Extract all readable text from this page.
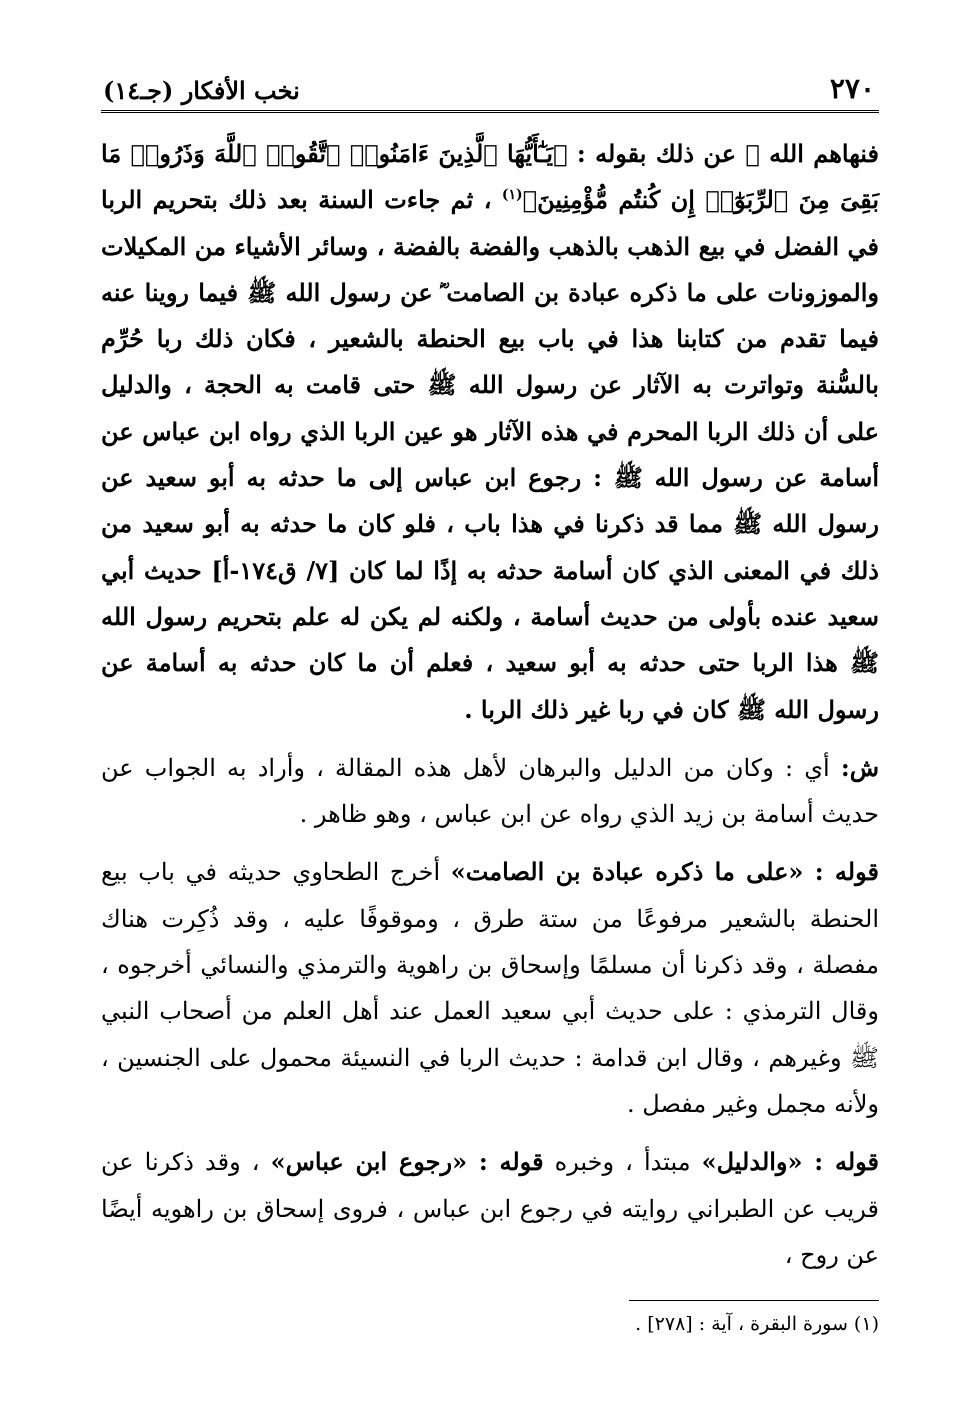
٢٧٠
نخب الأفكار (جـ١٤)

فنهاهم الله ﷻ عن ذلك بقوله : ﴿يَـٰٓأَيُّهَا ٱلَّذِينَ ءَامَنُوا۟ ٱتَّقُوا۟ ٱللَّهَ وَذَرُوا۟ مَا بَقِىَ مِنَ ٱلرِّبَوٰٓا۟ إِن كُنتُم مُّؤْمِنِينَ﴾$^{(١)}$ ، ثم جاءت السنة بعد ذلك بتحريم الربا في الفضل في بيع الذهب بالذهب والفضة بالفضة ، وسائر الأشياء من المكيلات والموزونات على ما ذكره عبادة بن الصامت ؓ عن رسول الله ﷺ فيما روينا عنه فيما تقدم من كتابنا هذا في باب بيع الحنطة بالشعير ، فكان ذلك ربا حُرِّم بالسُّنة وتواترت به الآثار عن رسول الله ﷺ حتى قامت به الحجة ، والدليل على أن ذلك الربا المحرم في هذه الآثار هو عين الربا الذي رواه ابن عباس عن أسامة عن رسول الله ﷺ : رجوع ابن عباس إلى ما حدثه به أبو سعيد عن رسول الله ﷺ مما قد ذكرنا في هذا باب ، فلو كان ما حدثه به أبو سعيد من ذلك في المعنى الذي كان أسامة حدثه به إذًا لما كان [٧/ ق١٧٤-أ] حديث أبي سعيد عنده بأولى من حديث أسامة ، ولكنه لم يكن له علم بتحريم رسول الله ﷺ هذا الربا حتى حدثه به أبو سعيد ، فعلم أن ما كان حدثه به أسامة عن رسول الله ﷺ كان في ربا غير ذلك الربا .

ش: أي : وكان من الدليل والبرهان لأهل هذه المقالة ، وأراد به الجواب عن حديث أسامة بن زيد الذي رواه عن ابن عباس ، وهو ظاهر .

قوله : «على ما ذكره عبادة بن الصامت» أخرج الطحاوي حديثه في باب بيع الحنطة بالشعير مرفوعًا من ستة طرق ، وموقوفًا عليه ، وقد ذُكِرت هناك مفصلة ، وقد ذكرنا أن مسلمًا وإسحاق بن راهوية والترمذي والنسائي أخرجوه ، وقال الترمذي : على حديث أبي سعيد العمل عند أهل العلم من أصحاب النبي ﷺ وغيرهم ، وقال ابن قدامة : حديث الربا في النسيئة محمول على الجنسين ، ولأنه مجمل وغير مفصل .

قوله : «والدليل» مبتدأ ، وخبره قوله : «رجوع ابن عباس» ، وقد ذكرنا عن قريب عن الطبراني روايته في رجوع ابن عباس ، فروى إسحاق بن راهويه أيضًا عن روح ،

(١) سورة البقرة ، آية : [٢٧٨] .
